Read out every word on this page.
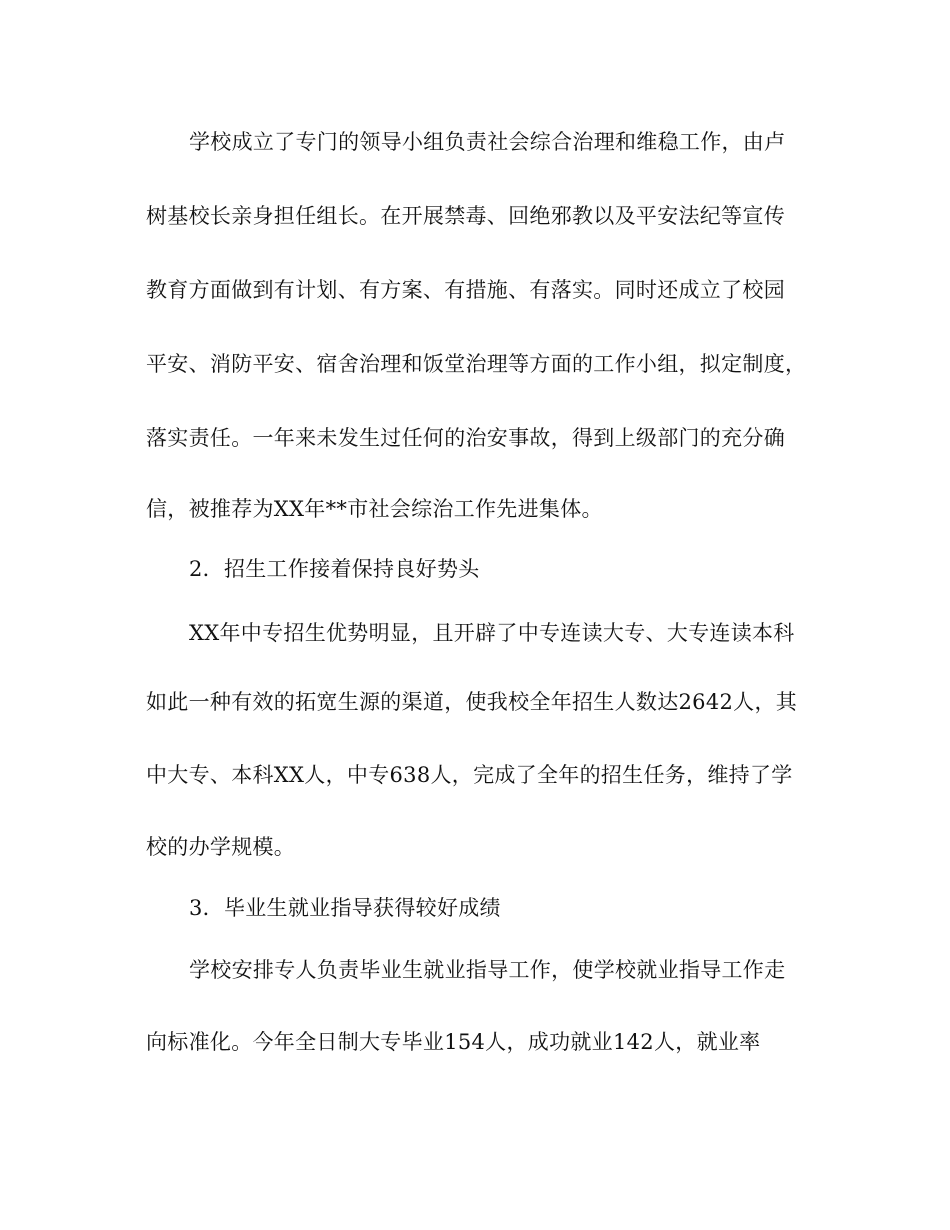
学校成立了专门的领导小组负责社会综合治理和维稳工作，由卢
树基校长亲身担任组长。在开展禁毒、回绝邪教以及平安法纪等宣传
教育方面做到有计划、有方案、有措施、有落实。同时还成立了校园
平安、消防平安、宿舍治理和饭堂治理等方面的工作小组，拟定制度，
落实责任。一年来未发生过任何的治安事故，得到上级部门的充分确
信，被推荐为XX年**市社会综治工作先进集体。
2．招生工作接着保持良好势头
XX年中专招生优势明显，且开辟了中专连读大专、大专连读本科
如此一种有效的拓宽生源的渠道，使我校全年招生人数达2642人，其
中大专、本科XX人，中专638人，完成了全年的招生任务，维持了学
校的办学规模。
3．毕业生就业指导获得较好成绩
学校安排专人负责毕业生就业指导工作，使学校就业指导工作走
向标准化。今年全日制大专毕业154人，成功就业142人，就业率
